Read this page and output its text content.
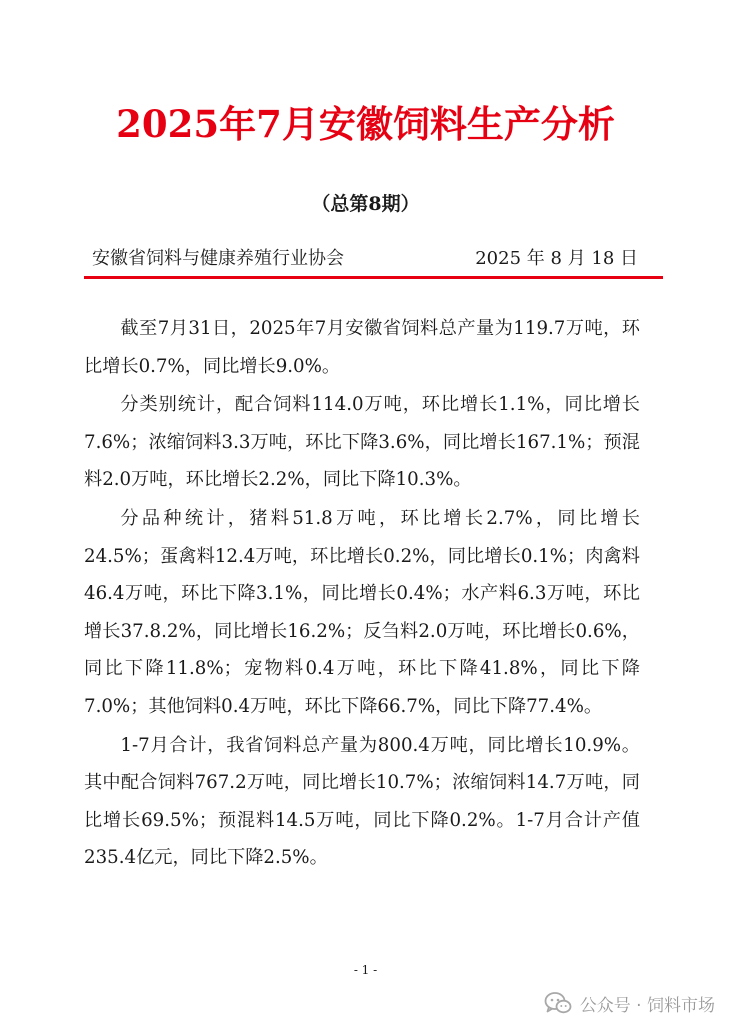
2025年7月安徽饲料生产分析
（总第8期）
安徽省饲料与健康养殖行业协会	2025 年 8 月 18 日

截至7月31日，2025年7月安徽省饲料总产量为119.7万吨，环比增长0.7%，同比增长9.0%。

分类别统计，配合饲料114.0万吨，环比增长1.1%，同比增长7.6%；浓缩饲料3.3万吨，环比下降3.6%，同比增长167.1%；预混料2.0万吨，环比增长2.2%，同比下降10.3%。

分品种统计，猪料51.8万吨，环比增长2.7%，同比增长24.5%；蛋禽料12.4万吨，环比增长0.2%，同比增长0.1%；肉禽料46.4万吨，环比下降3.1%，同比增长0.4%；水产料6.3万吨，环比增长37.8.2%，同比增长16.2%；反刍料2.0万吨，环比增长0.6%，同比下降11.8%；宠物料0.4万吨，环比下降41.8%，同比下降7.0%；其他饲料0.4万吨，环比下降66.7%，同比下降77.4%。

1-7月合计，我省饲料总产量为800.4万吨，同比增长10.9%。其中配合饲料767.2万吨，同比增长10.7%；浓缩饲料14.7万吨，同比增长69.5%；预混料14.5万吨，同比下降0.2%。1-7月合计产值235.4亿元，同比下降2.5%。

- 1 -
公众号 · 饲料市场
